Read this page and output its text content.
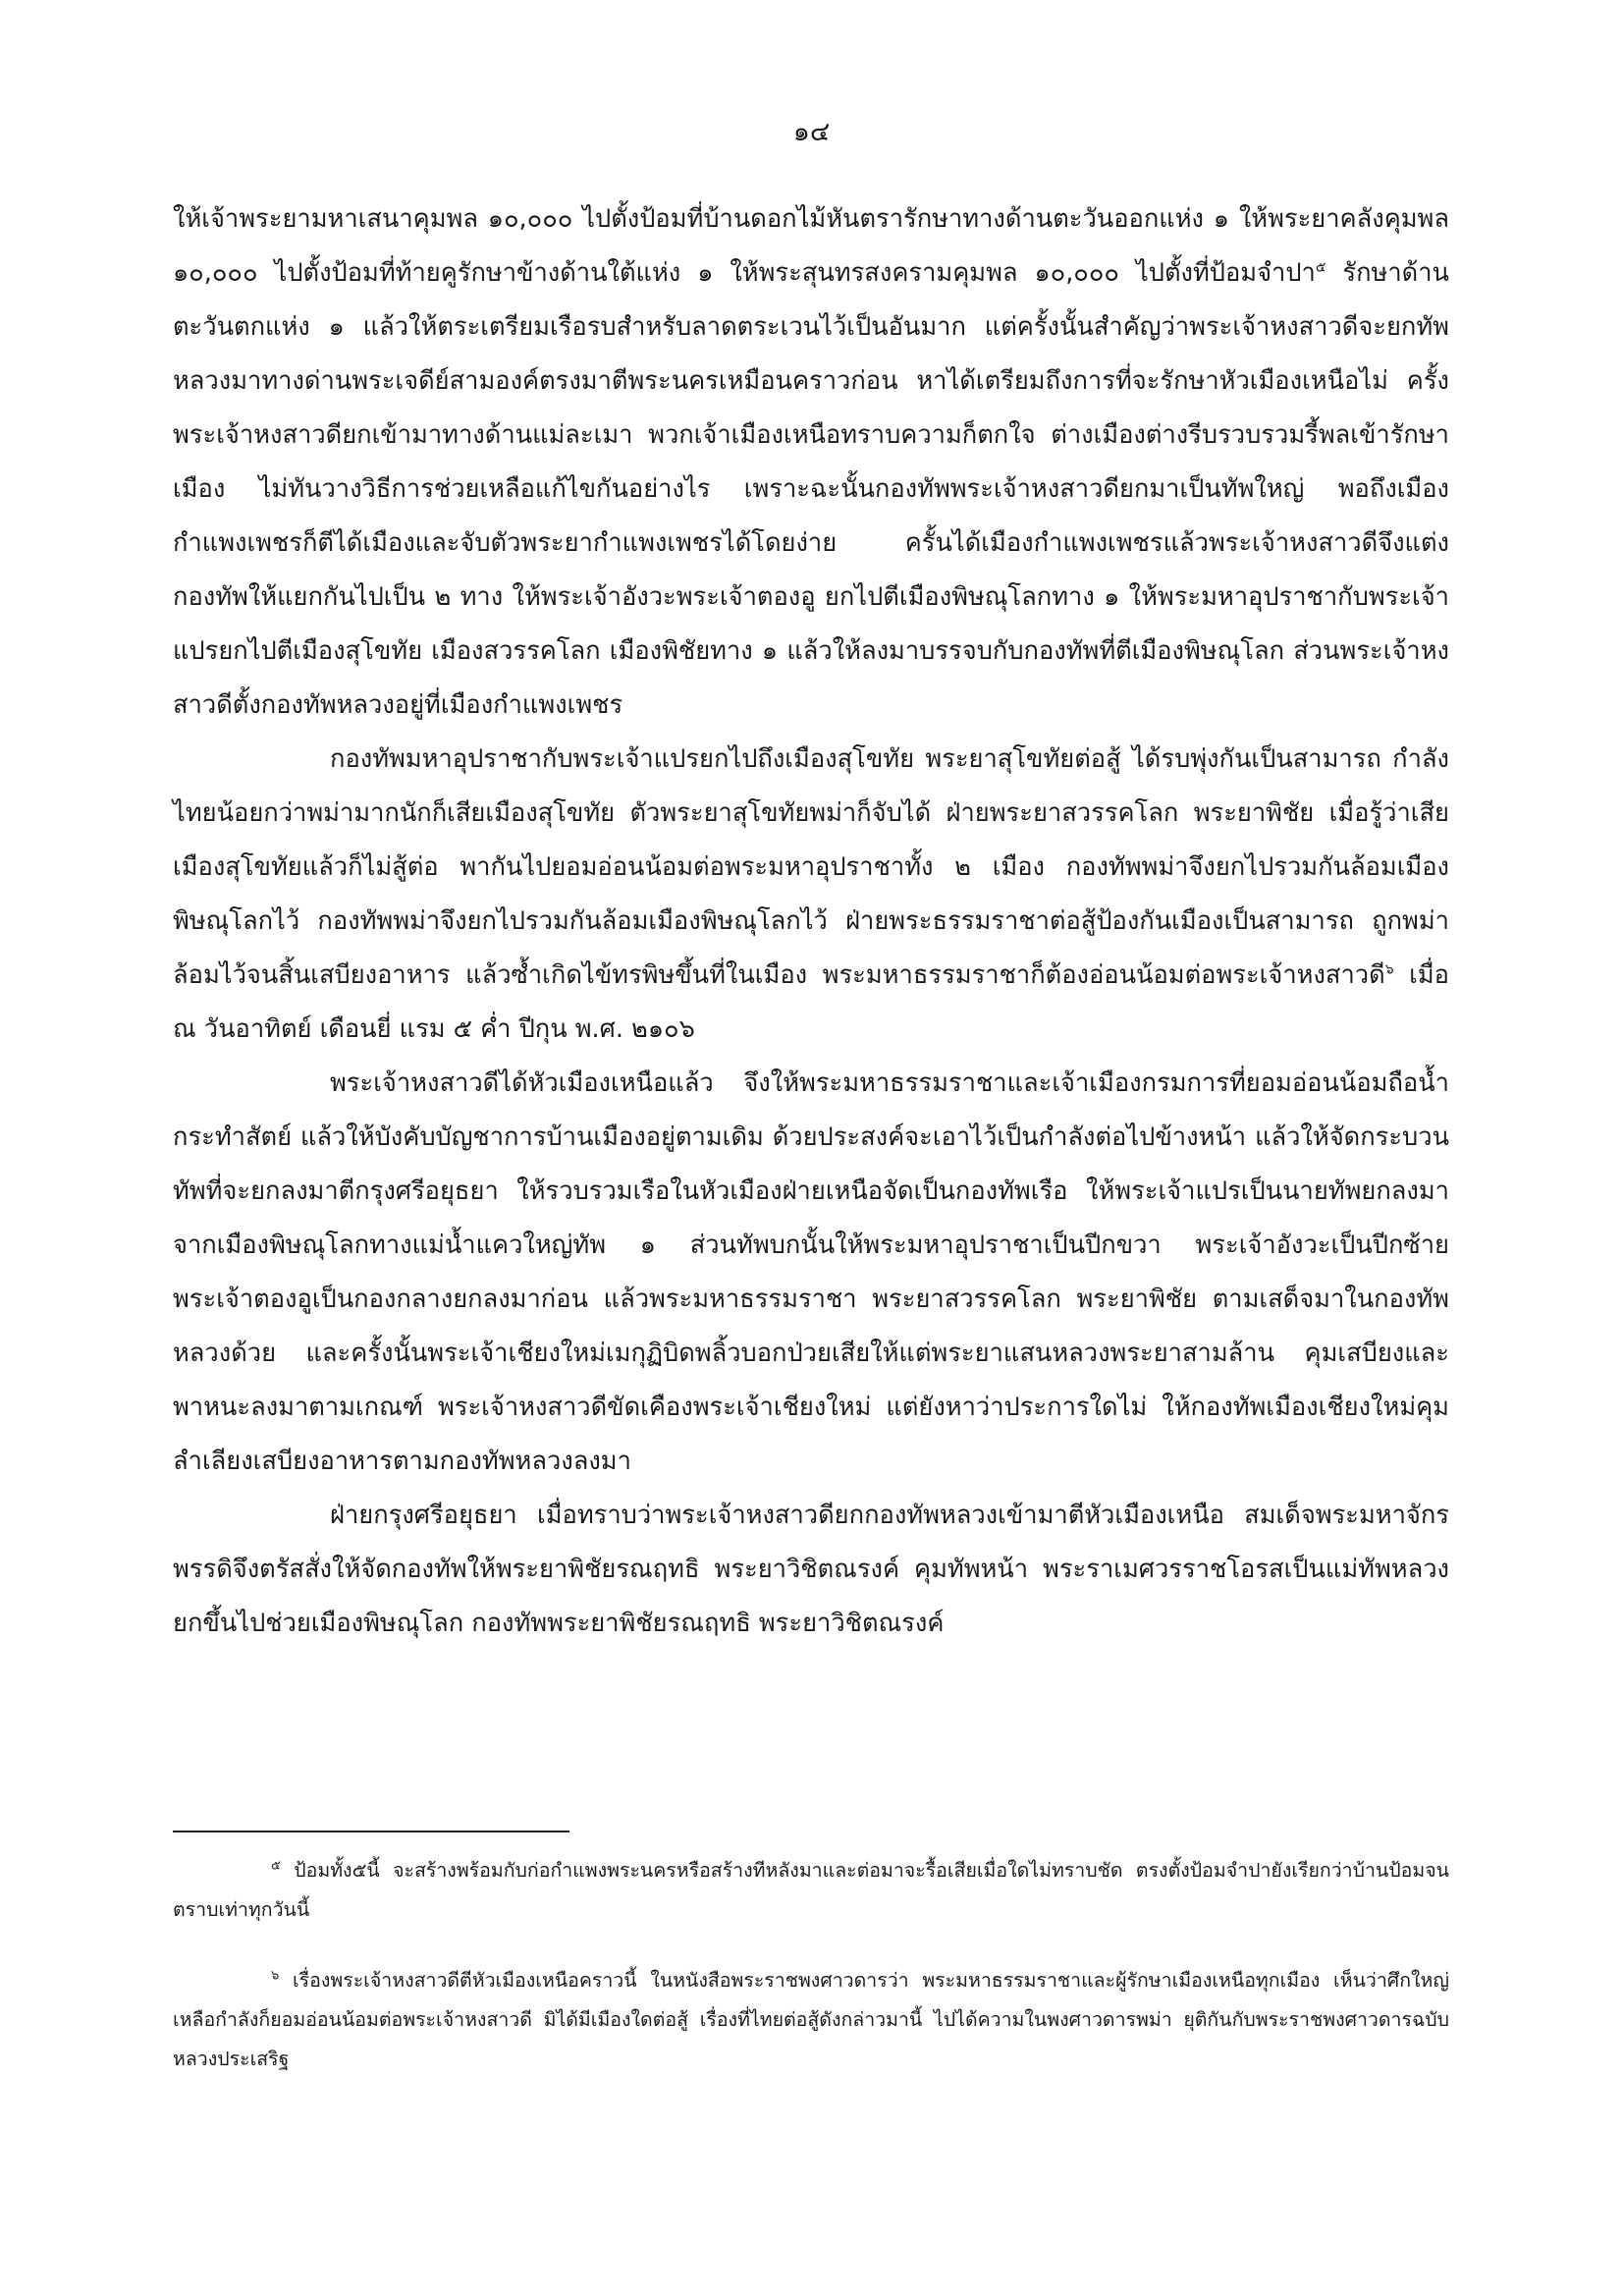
๑๔

ให้เจ้าพระยามหาเสนาคุมพล ๑๐,๐๐๐ ไปตั้งป้อมที่บ้านดอกไม้หันตรารักษาทางด้านตะวันออกแห่ง ๑ ให้พระยาคลังคุมพล ๑๐,๐๐๐ ไปตั้งป้อมที่ท้ายคูรักษาข้างด้านใต้แห่ง ๑ ให้พระสุนทรสงครามคุมพล ๑๐,๐๐๐ ไปตั้งที่ป้อมจำปา$^๕$ รักษาด้านตะวันตกแห่ง ๑ แล้วให้ตระเตรียมเรือรบสำหรับลาดตระเวนไว้เป็นอันมาก แต่ครั้งนั้นสำคัญว่าพระเจ้าหงสาวดีจะยกทัพหลวงมาทางด่านพระเจดีย์สามองค์ตรงมาตีพระนครเหมือนคราวก่อน หาได้เตรียมถึงการที่จะรักษาหัวเมืองเหนือไม่ ครั้งพระเจ้าหงสาวดียกเข้ามาทางด้านแม่ละเมา พวกเจ้าเมืองเหนือทราบความก็ตกใจ ต่างเมืองต่างรีบรวบรวมรี้พลเข้ารักษาเมือง ไม่ทันวางวิธีการช่วยเหลือแก้ไขกันอย่างไร เพราะฉะนั้นกองทัพพระเจ้าหงสาวดียกมาเป็นทัพใหญ่ พอถึงเมืองกำแพงเพชรก็ตีได้เมืองและจับตัวพระยากำแพงเพชรได้โดยง่าย ครั้นได้เมืองกำแพงเพชรแล้วพระเจ้าหงสาวดีจึงแต่งกองทัพให้แยกกันไปเป็น ๒ ทาง ให้พระเจ้าอังวะพระเจ้าตองอู ยกไปตีเมืองพิษณุโลกทาง ๑ ให้พระมหาอุปราชากับพระเจ้าแปรยกไปตีเมืองสุโขทัย เมืองสวรรคโลก เมืองพิชัยทาง ๑ แล้วให้ลงมาบรรจบกับกองทัพที่ตีเมืองพิษณุโลก ส่วนพระเจ้าหงสาวดีตั้งกองทัพหลวงอยู่ที่เมืองกำแพงเพชร

กองทัพมหาอุปราชากับพระเจ้าแปรยกไปถึงเมืองสุโขทัย พระยาสุโขทัยต่อสู้ ได้รบพุ่งกันเป็นสามารถ กำลังไทยน้อยกว่าพม่ามากนักก็เสียเมืองสุโขทัย ตัวพระยาสุโขทัยพม่าก็จับได้ ฝ่ายพระยาสวรรคโลก พระยาพิชัย เมื่อรู้ว่าเสียเมืองสุโขทัยแล้วก็ไม่สู้ต่อ พากันไปยอมอ่อนน้อมต่อพระมหาอุปราชาทั้ง ๒ เมือง กองทัพพม่าจึงยกไปรวมกันล้อมเมืองพิษณุโลกไว้ กองทัพพม่าจึงยกไปรวมกันล้อมเมืองพิษณุโลกไว้ ฝ่ายพระธรรมราชาต่อสู้ป้องกันเมืองเป็นสามารถ ถูกพม่าล้อมไว้จนสิ้นเสบียงอาหาร แล้วซ้ำเกิดไข้ทรพิษขึ้นที่ในเมือง พระมหาธรรมราชาก็ต้องอ่อนน้อมต่อพระเจ้าหงสาวดี$^๖$ เมื่อ ณ วันอาทิตย์ เดือนยี่ แรม ๕ ค่ำ ปีกุน พ.ศ. ๒๑๐๖

พระเจ้าหงสาวดีได้หัวเมืองเหนือแล้ว จึงให้พระมหาธรรมราชาและเจ้าเมืองกรมการที่ยอมอ่อนน้อมถือน้ำกระทำสัตย์ แล้วให้บังคับบัญชาการบ้านเมืองอยู่ตามเดิม ด้วยประสงค์จะเอาไว้เป็นกำลังต่อไปข้างหน้า แล้วให้จัดกระบวนทัพที่จะยกลงมาตีกรุงศรีอยุธยา ให้รวบรวมเรือในหัวเมืองฝ่ายเหนือจัดเป็นกองทัพเรือ ให้พระเจ้าแปรเป็นนายทัพยกลงมาจากเมืองพิษณุโลกทางแม่น้ำแควใหญ่ทัพ ๑ ส่วนทัพบกนั้นให้พระมหาอุปราชาเป็นปีกขวา พระเจ้าอังวะเป็นปีกซ้าย พระเจ้าตองอูเป็นกองกลางยกลงมาก่อน แล้วพระมหาธรรมราชา พระยาสวรรคโลก พระยาพิชัย ตามเสด็จมาในกองทัพหลวงด้วย และครั้งนั้นพระเจ้าเชียงใหม่เมกุฏิบิดพลิ้วบอกป่วยเสียให้แต่พระยาแสนหลวงพระยาสามล้าน คุมเสบียงและพาหนะลงมาตามเกณฑ์ พระเจ้าหงสาวดีขัดเคืองพระเจ้าเชียงใหม่ แต่ยังหาว่าประการใดไม่ ให้กองทัพเมืองเชียงใหม่คุมลำเลียงเสบียงอาหารตามกองทัพหลวงลงมา

ฝ่ายกรุงศรีอยุธยา เมื่อทราบว่าพระเจ้าหงสาวดียกกองทัพหลวงเข้ามาตีหัวเมืองเหนือ สมเด็จพระมหาจักรพรรดิจึงตรัสสั่งให้จัดกองทัพให้พระยาพิชัยรณฤทธิ พระยาวิชิตณรงค์ คุมทัพหน้า พระราเมศวรราชโอรสเป็นแม่ทัพหลวง ยกขึ้นไปช่วยเมืองพิษณุโลก กองทัพพระยาพิชัยรณฤทธิ พระยาวิชิตณรงค์

$^๕$ ป้อมทั้ง๕นี้ จะสร้างพร้อมกับก่อกำแพงพระนครหรือสร้างทีหลังมาและต่อมาจะรื้อเสียเมื่อใดไม่ทราบชัด ตรงตั้งป้อมจำปายังเรียกว่าบ้านป้อมจนตราบเท่าทุกวันนี้

$^๖$ เรื่องพระเจ้าหงสาวดีตีหัวเมืองเหนือคราวนี้ ในหนังสือพระราชพงศาวดารว่า พระมหาธรรมราชาและผู้รักษาเมืองเหนือทุกเมือง เห็นว่าศึกใหญ่เหลือกำลังก็ยอมอ่อนน้อมต่อพระเจ้าหงสาวดี มิได้มีเมืองใดต่อสู้ เรื่องที่ไทยต่อสู้ดังกล่าวมานี้ ไปได้ความในพงศาวดารพม่า ยุติกันกับพระราชพงศาวดารฉบับหลวงประเสริฐ
